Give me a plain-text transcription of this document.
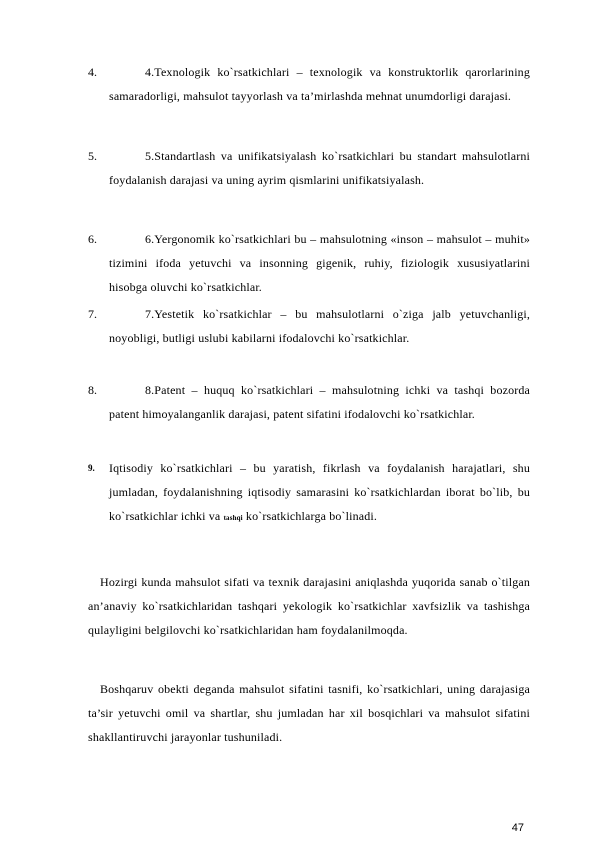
4.	4.Texnologik ko`rsatkichlari – texnologik va konstruktorlik qarorlarining samaradorligi, mahsulot tayyorlash va ta’mirlashda mehnat unumdorligi darajasi.
5.	5.Standartlash va unifikatsiyalash ko`rsatkichlari bu standart mahsulotlarni foydalanish darajasi va uning ayrim qismlarini unifikatsiyalash.
6.	6.Yergonomik ko`rsatkichlari bu – mahsulotning «inson – mahsulot – muhit» tizimini ifoda yetuvchi va insonning gigenik, ruhiy, fiziologik xususiyatlarini hisobga oluvchi ko`rsatkichlar.
7.	7.Yestetik ko`rsatkichlar – bu mahsulotlarni o`ziga jalb yetuvchanligi, noyobligi, butligi uslubi kabilarni ifodalovchi ko`rsatkichlar.
8.	8.Patent – huquq ko`rsatkichlari – mahsulotning ichki va tashqi bozorda patent himoyalanganlik darajasi, patent sifatini ifodalovchi ko`rsatkichlar.
9. Iqtisodiy ko`rsatkichlari – bu yaratish, fikrlash va foydalanish harajatlari, shu jumladan, foydalanishning iqtisodiy samarasini ko`rsatkichlardan iborat bo`lib, bu ko`rsatkichlar ichki va tashqi ko`rsatkichlarga bo`linadi.
Hozirgi kunda mahsulot sifati va texnik darajasini aniqlashda yuqorida sanab o`tilgan an’anaviy ko`rsatkichlaridan tashqari yekologik ko`rsatkichlar xavfsizlik va tashishga qulayligini belgilovchi ko`rsatkichlaridan ham foydalanilmoqda.
Boshqaruv obekti deganda mahsulot sifatini tasnifi, ko`rsatkichlari, uning darajasiga ta’sir yetuvchi omil va shartlar, shu jumladan har xil bosqichlari va mahsulot sifatini shakllantiruvchi jarayonlar tushuniladi.
47
